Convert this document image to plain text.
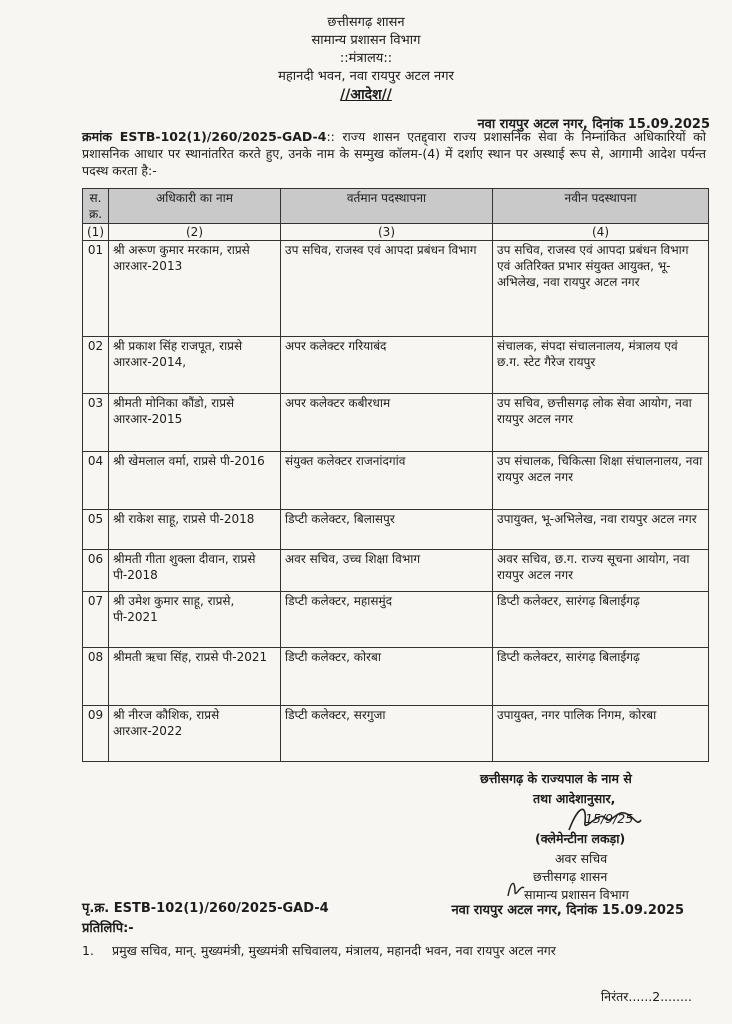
छत्तीसगढ़ शासन
सामान्य प्रशासन विभाग
::मंत्रालय::
महानदी भवन, नवा रायपुर अटल नगर
//आदेश//
नवा रायपुर अटल नगर, दिनांक 15.09.2025
क्रमांक ESTB-102(1)/260/2025-GAD-4:: राज्य शासन एतद्द्वारा राज्य प्रशासनिक सेवा के निम्नांकित अधिकारियों को प्रशासनिक आधार पर स्थानांतरित करते हुए, उनके नाम के सम्मुख कॉलम-(4) में दर्शाए स्थान पर अस्थाई रूप से, आगामी आदेश पर्यन्त पदस्थ करता है:-
स.क्र.	अधिकारी का नाम	वर्तमान पदस्थापना	नवीन पदस्थापना
(1)	(2)	(3)	(4)
01	श्री अरूण कुमार मरकाम, राप्रसे आरआर-2013	उप सचिव, राजस्व एवं आपदा प्रबंधन विभाग	उप सचिव, राजस्व एवं आपदा प्रबंधन विभाग एवं अतिरिक्त प्रभार संयुक्त आयुक्त, भू-अभिलेख, नवा रायपुर अटल नगर
02	श्री प्रकाश सिंह राजपूत, राप्रसे आरआर-2014,	अपर कलेक्टर गरियाबंद	संचालक, संपदा संचालनालय, मंत्रालय एवं छ.ग. स्टेट गैरेज रायपुर
03	श्रीमती मोनिका कौंडो, राप्रसे आरआर-2015	अपर कलेक्टर कबीरधाम	उप सचिव, छत्तीसगढ़ लोक सेवा आयोग, नवा रायपुर अटल नगर
04	श्री खेमलाल वर्मा, राप्रसे पी-2016	संयुक्त कलेक्टर राजनांदगांव	उप संचालक, चिकित्सा शिक्षा संचालनालय, नवा रायपुर अटल नगर
05	श्री राकेश साहू, राप्रसे पी-2018	डिप्टी कलेक्टर, बिलासपुर	उपायुक्त, भू-अभिलेख, नवा रायपुर अटल नगर
06	श्रीमती गीता शुक्ला दीवान, राप्रसे पी-2018	अवर सचिव, उच्च शिक्षा विभाग	अवर सचिव, छ.ग. राज्य सूचना आयोग, नवा रायपुर अटल नगर
07	श्री उमेश कुमार साहू, राप्रसे, पी-2021	डिप्टी कलेक्टर, महासमुंद	डिप्टी कलेक्टर, सारंगढ़ बिलाईगढ़
08	श्रीमती ऋचा सिंह, राप्रसे पी-2021	डिप्टी कलेक्टर, कोरबा	डिप्टी कलेक्टर, सारंगढ़ बिलाईगढ़
09	श्री नीरज कौशिक, राप्रसे आरआर-2022	डिप्टी कलेक्टर, सरगुजा	उपायुक्त, नगर पालिक निगम, कोरबा
छत्तीसगढ़ के राज्यपाल के नाम से
तथा आदेशानुसार,
15/9/25
(क्लेमेन्टीना लकड़ा)
अवर सचिव
छत्तीसगढ़ शासन
सामान्य प्रशासन विभाग
पृ.क्र. ESTB-102(1)/260/2025-GAD-4	नवा रायपुर अटल नगर, दिनांक 15.09.2025
प्रतिलिपि:-
1. प्रमुख सचिव, मान्. मुख्यमंत्री, मुख्यमंत्री सचिवालय, मंत्रालय, महानदी भवन, नवा रायपुर अटल नगर
निरंतर......2........
